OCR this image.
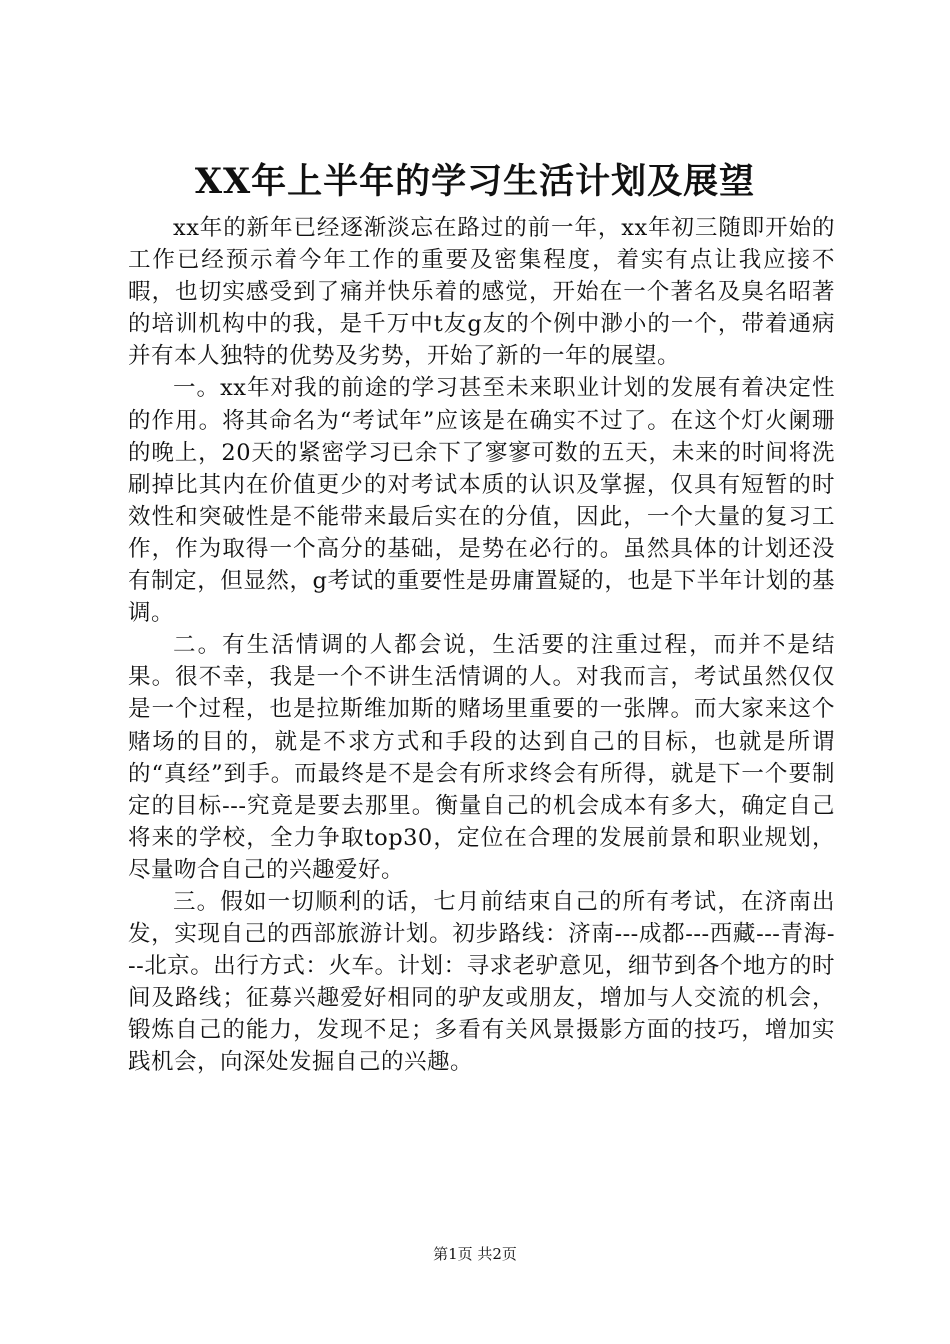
XX年上半年的学习生活计划及展望

xx年的新年已经逐渐淡忘在路过的前一年，xx年初三随即开始的工作已经预示着今年工作的重要及密集程度，着实有点让我应接不暇，也切实感受到了痛并快乐着的感觉，开始在一个著名及臭名昭著的培训机构中的我，是千万中t友g友的个例中渺小的一个，带着通病并有本人独特的优势及劣势，开始了新的一年的展望。

一。xx年对我的前途的学习甚至未来职业计划的发展有着决定性的作用。将其命名为“考试年”应该是在确实不过了。在这个灯火阑珊的晚上，20天的紧密学习已余下了寥寥可数的五天，未来的时间将洗刷掉比其内在价值更少的对考试本质的认识及掌握，仅具有短暂的时效性和突破性是不能带来最后实在的分值，因此，一个大量的复习工作，作为取得一个高分的基础，是势在必行的。虽然具体的计划还没有制定，但显然，g考试的重要性是毋庸置疑的，也是下半年计划的基调。

二。有生活情调的人都会说，生活要的注重过程，而并不是结果。很不幸，我是一个不讲生活情调的人。对我而言，考试虽然仅仅是一个过程，也是拉斯维加斯的赌场里重要的一张牌。而大家来这个赌场的目的，就是不求方式和手段的达到自己的目标，也就是所谓的“真经”到手。而最终是不是会有所求终会有所得，就是下一个要制定的目标---究竟是要去那里。衡量自己的机会成本有多大，确定自己将来的学校，全力争取top30，定位在合理的发展前景和职业规划，尽量吻合自己的兴趣爱好。

三。假如一切顺利的话，七月前结束自己的所有考试，在济南出发，实现自己的西部旅游计划。初步路线：济南---成都---西藏---青海---北京。出行方式：火车。计划：寻求老驴意见，细节到各个地方的时间及路线；征募兴趣爱好相同的驴友或朋友，增加与人交流的机会，锻炼自己的能力，发现不足；多看有关风景摄影方面的技巧，增加实践机会，向深处发掘自己的兴趣。

第1页 共2页
